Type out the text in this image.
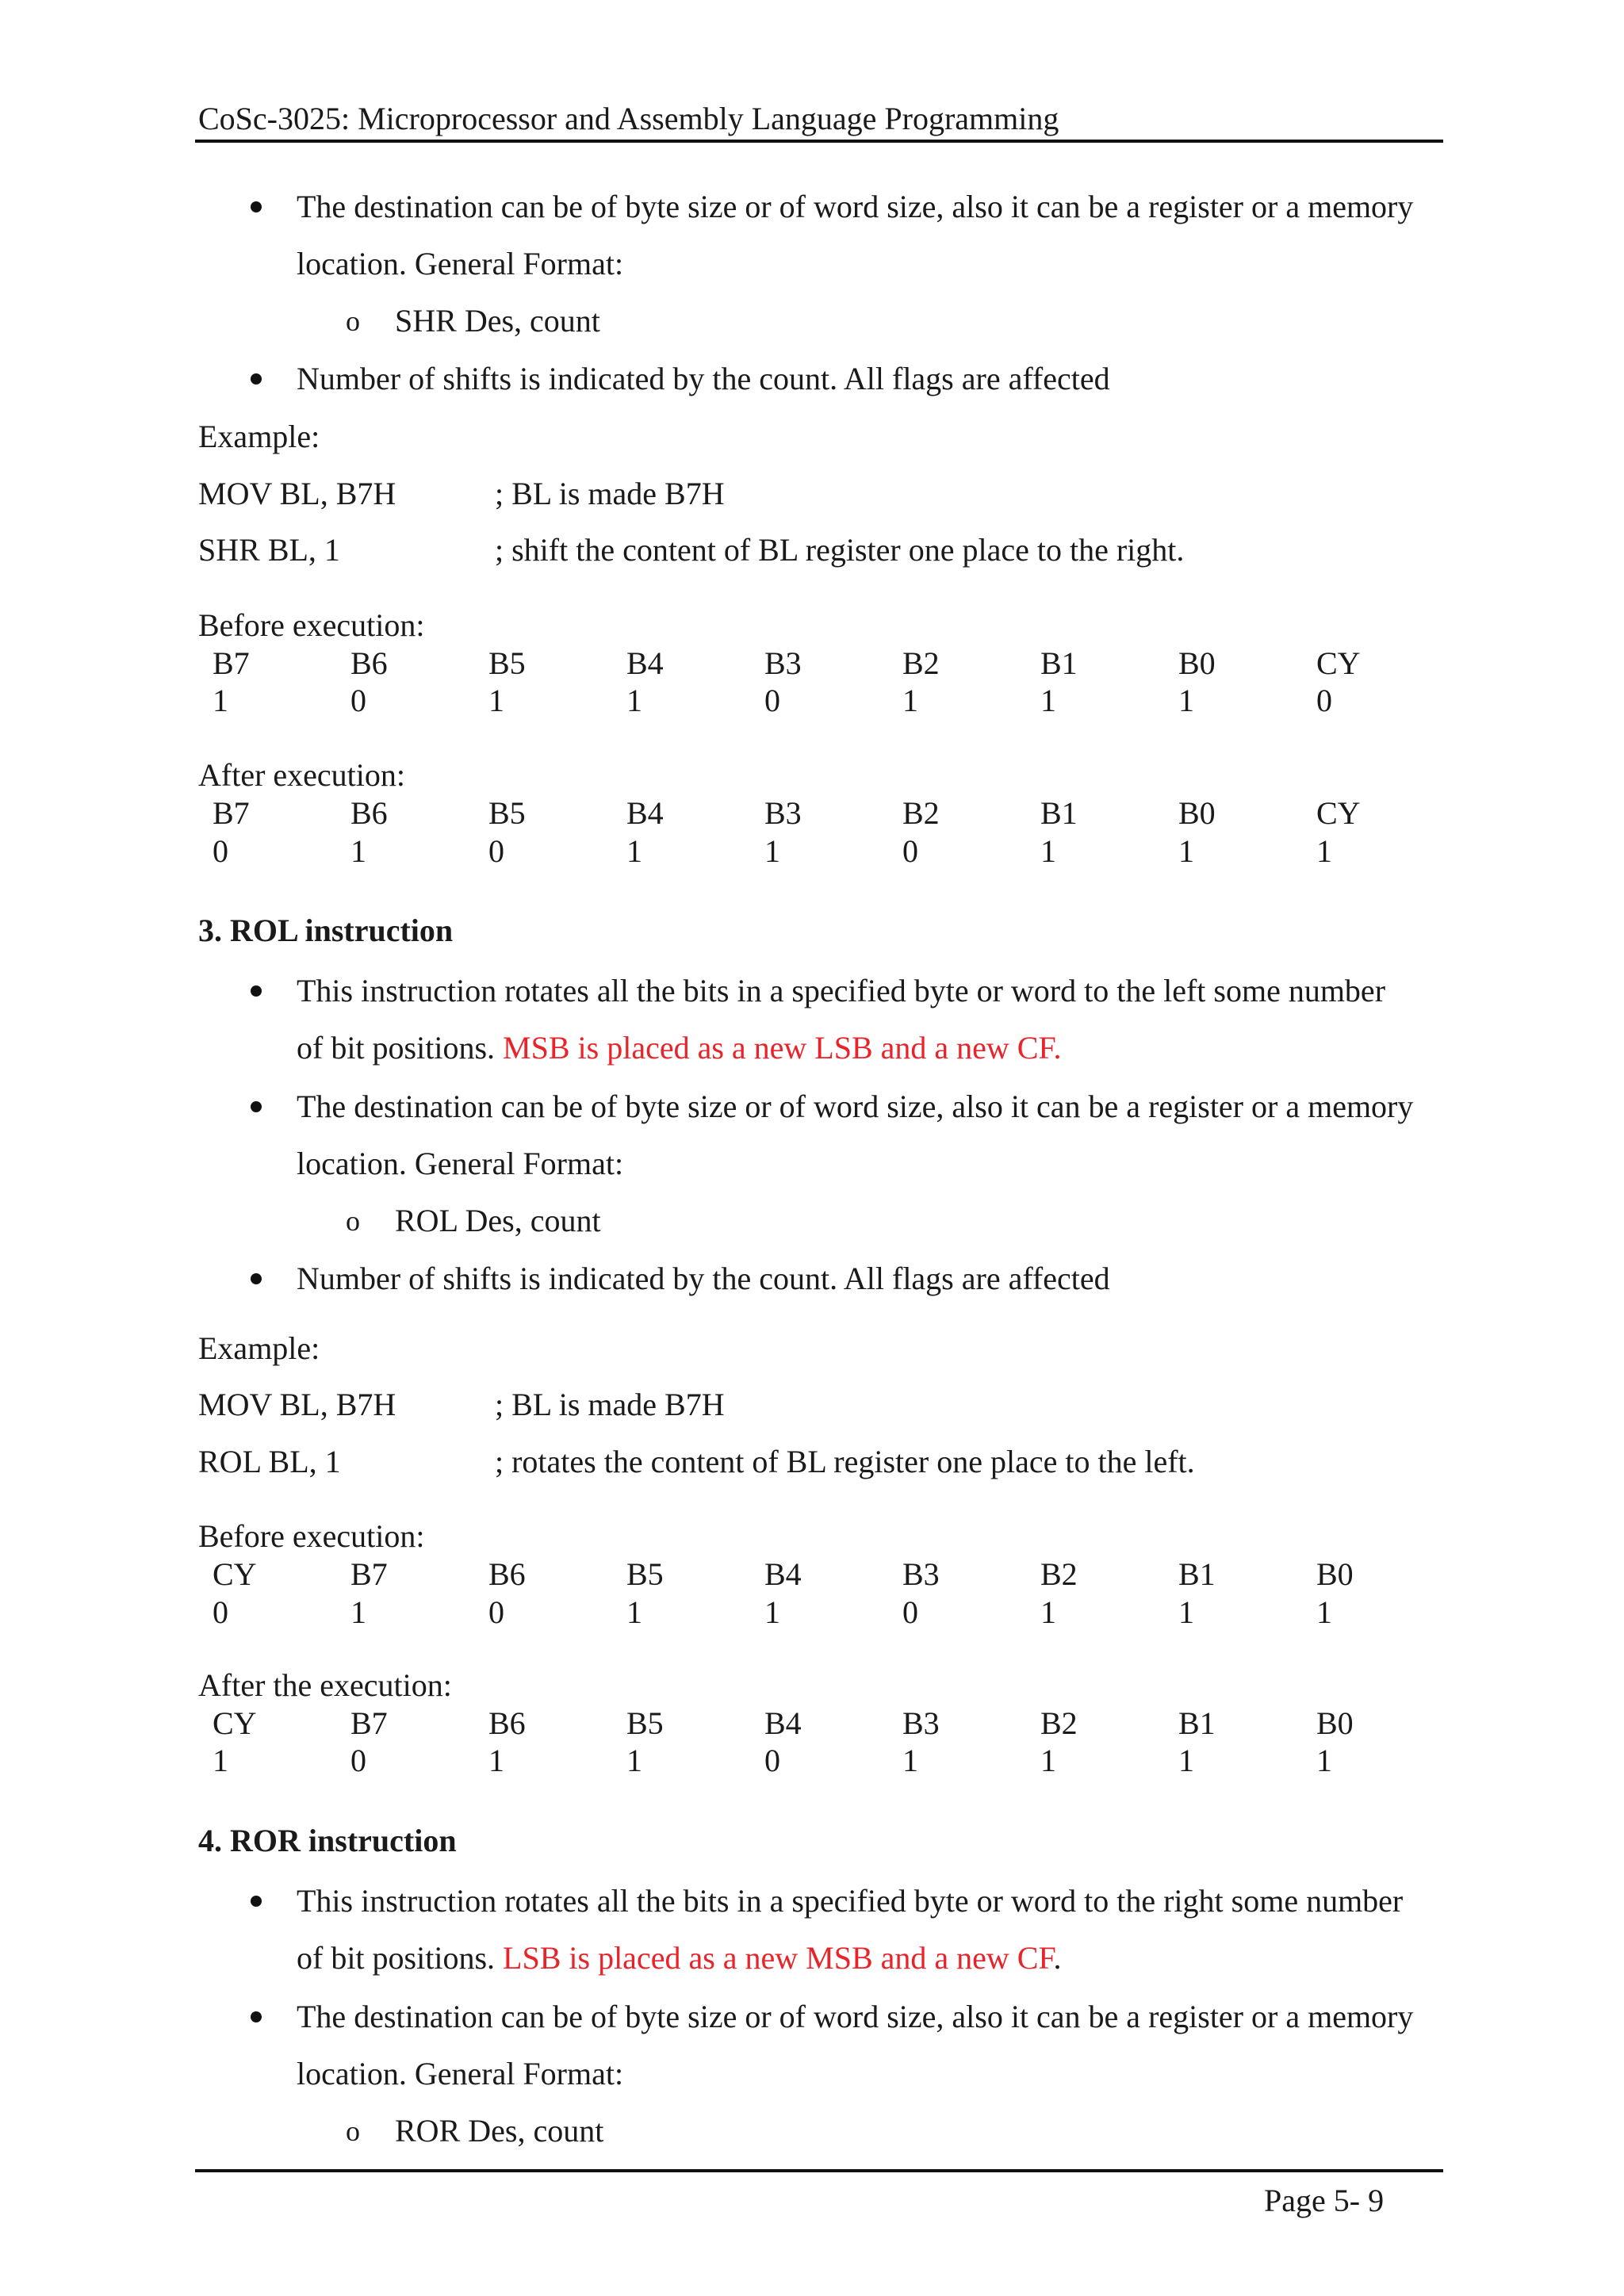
CoSc-3025: Microprocessor and Assembly Language Programming
The destination can be of byte size or of word size, also it can be a register or a memory
location. General Format:
o SHR Des, count
Number of shifts is indicated by the count. All flags are affected
Example:
MOV BL, B7H	; BL is made B7H
SHR BL, 1	; shift the content of BL register one place to the right.
Before execution:
B7	B6	B5	B4	B3	B2	B1	B0	CY
1	0	1	1	0	1	1	1	0
After execution:
B7	B6	B5	B4	B3	B2	B1	B0	CY
0	1	0	1	1	0	1	1	1
3. ROL instruction
This instruction rotates all the bits in a specified byte or word to the left some number
of bit positions. MSB is placed as a new LSB and a new CF.
The destination can be of byte size or of word size, also it can be a register or a memory
location. General Format:
o ROL Des, count
Number of shifts is indicated by the count. All flags are affected
Example:
MOV BL, B7H	; BL is made B7H
ROL BL, 1	; rotates the content of BL register one place to the left.
Before execution:
CY	B7	B6	B5	B4	B3	B2	B1	B0
0	1	0	1	1	0	1	1	1
After the execution:
CY	B7	B6	B5	B4	B3	B2	B1	B0
1	0	1	1	0	1	1	1	1
4. ROR instruction
This instruction rotates all the bits in a specified byte or word to the right some number
of bit positions. LSB is placed as a new MSB and a new CF.
The destination can be of byte size or of word size, also it can be a register or a memory
location. General Format:
o ROR Des, count
Page 5- 9
